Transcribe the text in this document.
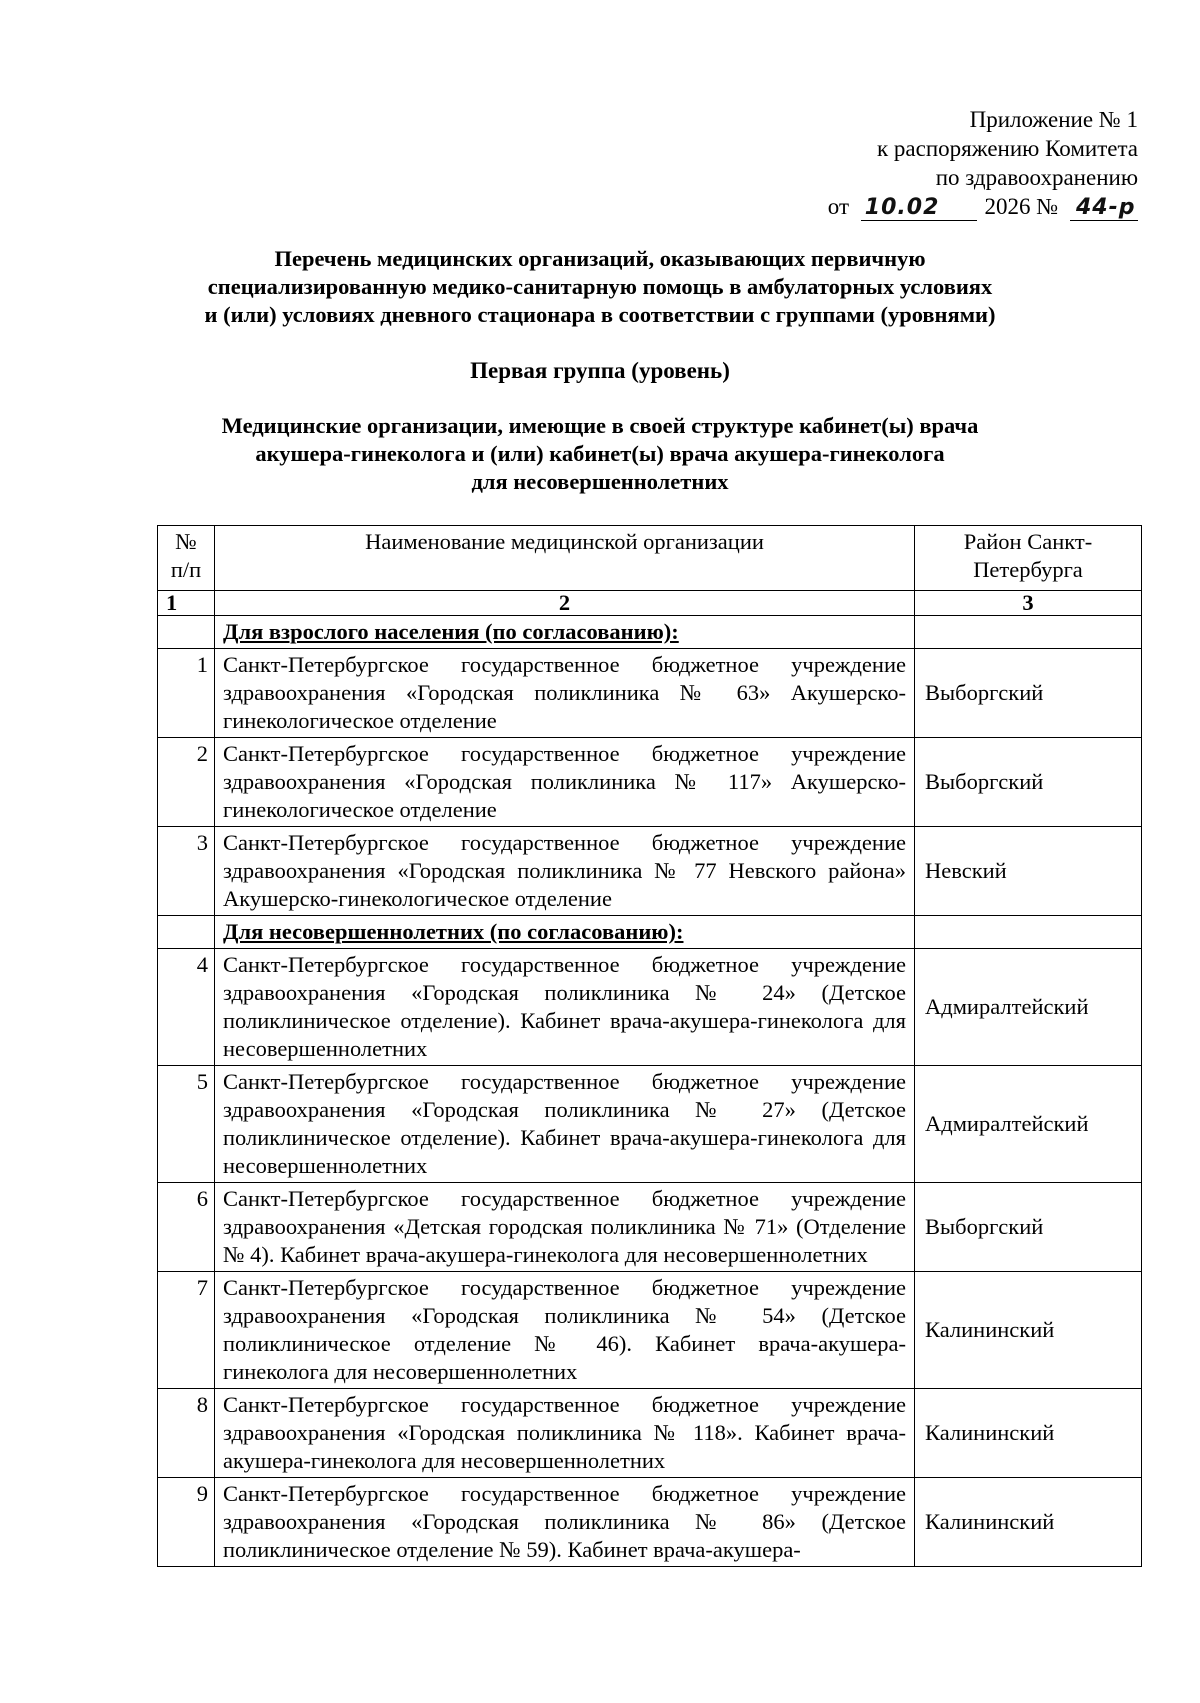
Приложение № 1
к распоряжению Комитета
по здравоохранению
от 10.02 2026 № 44-р
Перечень медицинских организаций, оказывающих первичную
специализированную медико-санитарную помощь в амбулаторных условиях
и (или) условиях дневного стационара в соответствии с группами (уровнями)
Первая группа (уровень)
Медицинские организации, имеющие в своей структуре кабинет(ы) врача
акушера-гинеколога и (или) кабинет(ы) врача акушера-гинеколога
для несовершеннолетних
№ п/п	Наименование медицинской организации	Район Санкт-Петербурга
1	2	3
	Для взрослого населения (по согласованию):	
1	Санкт-Петербургское государственное бюджетное учреждение здравоохранения «Городская поликлиника № 63» Акушерско-гинекологическое отделение	Выборгский
2	Санкт-Петербургское государственное бюджетное учреждение здравоохранения «Городская поликлиника № 117» Акушерско-гинекологическое отделение	Выборгский
3	Санкт-Петербургское государственное бюджетное учреждение здравоохранения «Городская поликлиника № 77 Невского района» Акушерско-гинекологическое отделение	Невский
	Для несовершеннолетних (по согласованию):	
4	Санкт-Петербургское государственное бюджетное учреждение здравоохранения «Городская поликлиника № 24» (Детское поликлиническое отделение). Кабинет врача-акушера-гинеколога для несовершеннолетних	Адмиралтейский
5	Санкт-Петербургское государственное бюджетное учреждение здравоохранения «Городская поликлиника № 27» (Детское поликлиническое отделение). Кабинет врача-акушера-гинеколога для несовершеннолетних	Адмиралтейский
6	Санкт-Петербургское государственное бюджетное учреждение здравоохранения «Детская городская поликлиника № 71» (Отделение № 4). Кабинет врача-акушера-гинеколога для несовершеннолетних	Выборгский
7	Санкт-Петербургское государственное бюджетное учреждение здравоохранения «Городская поликлиника № 54» (Детское поликлиническое отделение № 46). Кабинет врача-акушера-гинеколога для несовершеннолетних	Калининский
8	Санкт-Петербургское государственное бюджетное учреждение здравоохранения «Городская поликлиника № 118». Кабинет врача-акушера-гинеколога для несовершеннолетних	Калининский
9	Санкт-Петербургское государственное бюджетное учреждение здравоохранения «Городская поликлиника № 86» (Детское поликлиническое отделение № 59). Кабинет врача-акушера-	Калининский
